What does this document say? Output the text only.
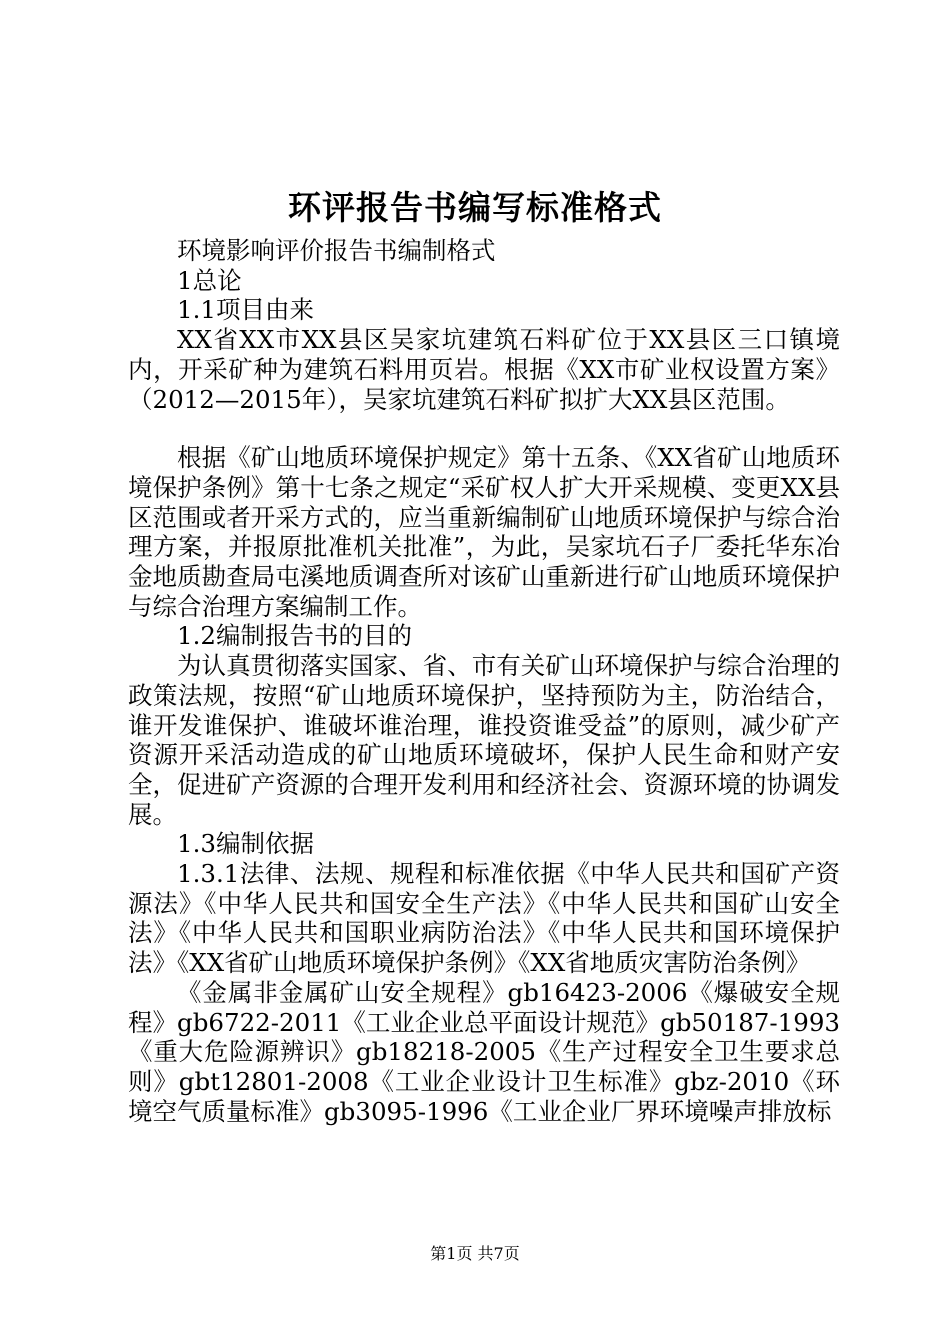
环评报告书编写标准格式

环境影响评价报告书编制格式

1总论

1.1项目由来

XX省XX市XX县区吴家坑建筑石料矿位于XX县区三口镇境内，开采矿种为建筑石料用页岩。根据《XX市矿业权设置方案》（2012—2015年），吴家坑建筑石料矿拟扩大XX县区范围。

根据《矿山地质环境保护规定》第十五条、《XX省矿山地质环境保护条例》第十七条之规定“采矿权人扩大开采规模、变更XX县区范围或者开采方式的，应当重新编制矿山地质环境保护与综合治理方案，并报原批准机关批准”，为此，吴家坑石子厂委托华东冶金地质勘查局屯溪地质调查所对该矿山重新进行矿山地质环境保护与综合治理方案编制工作。

1.2编制报告书的目的

为认真贯彻落实国家、省、市有关矿山环境保护与综合治理的政策法规，按照“矿山地质环境保护，坚持预防为主，防治结合，谁开发谁保护、谁破坏谁治理，谁投资谁受益”的原则，减少矿产资源开采活动造成的矿山地质环境破坏，保护人民生命和财产安全，促进矿产资源的合理开发利用和经济社会、资源环境的协调发展。

1.3编制依据

1.3.1法律、法规、规程和标准依据《中华人民共和国矿产资源法》《中华人民共和国安全生产法》《中华人民共和国矿山安全法》《中华人民共和国职业病防治法》《中华人民共和国环境保护法》《XX省矿山地质环境保护条例》《XX省地质灾害防治条例》

《金属非金属矿山安全规程》gb16423-2006《爆破安全规程》gb6722-2011《工业企业总平面设计规范》gb50187-1993《重大危险源辨识》gb18218-2005《生产过程安全卫生要求总则》gbt12801-2008《工业企业设计卫生标准》gbz-2010《环境空气质量标准》gb3095-1996《工业企业厂界环境噪声排放标

第1页 共7页
